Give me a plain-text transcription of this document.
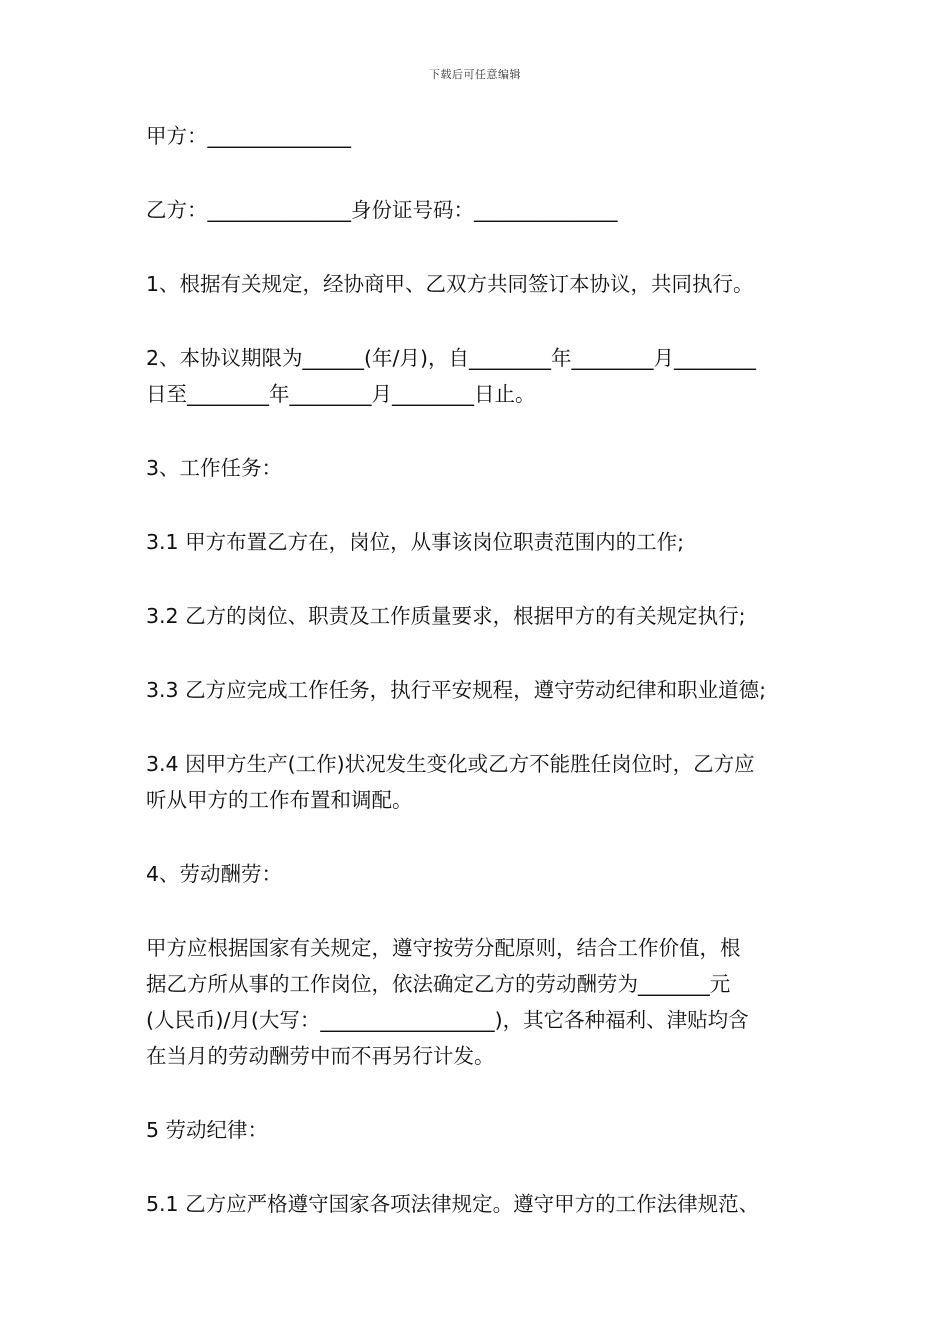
下载后可任意编辑

甲方：______________

乙方：______________身份证号码：______________

1、根据有关规定，经协商甲、乙双方共同签订本协议，共同执行。

2、本协议期限为______(年/月)，自________年________月________
日至________年________月________日止。

3、工作任务：

3.1 甲方布置乙方在，岗位，从事该岗位职责范围内的工作;

3.2 乙方的岗位、职责及工作质量要求，根据甲方的有关规定执行;

3.3 乙方应完成工作任务，执行平安规程，遵守劳动纪律和职业道德;

3.4 因甲方生产(工作)状况发生变化或乙方不能胜任岗位时，乙方应
听从甲方的工作布置和调配。

4、劳动酬劳：

甲方应根据国家有关规定，遵守按劳分配原则，结合工作价值，根
据乙方所从事的工作岗位，依法确定乙方的劳动酬劳为_______元
(人民币)/月(大写：_________________)，其它各种福利、津贴均含
在当月的劳动酬劳中而不再另行计发。

5 劳动纪律：

5.1 乙方应严格遵守国家各项法律规定。遵守甲方的工作法律规范、
